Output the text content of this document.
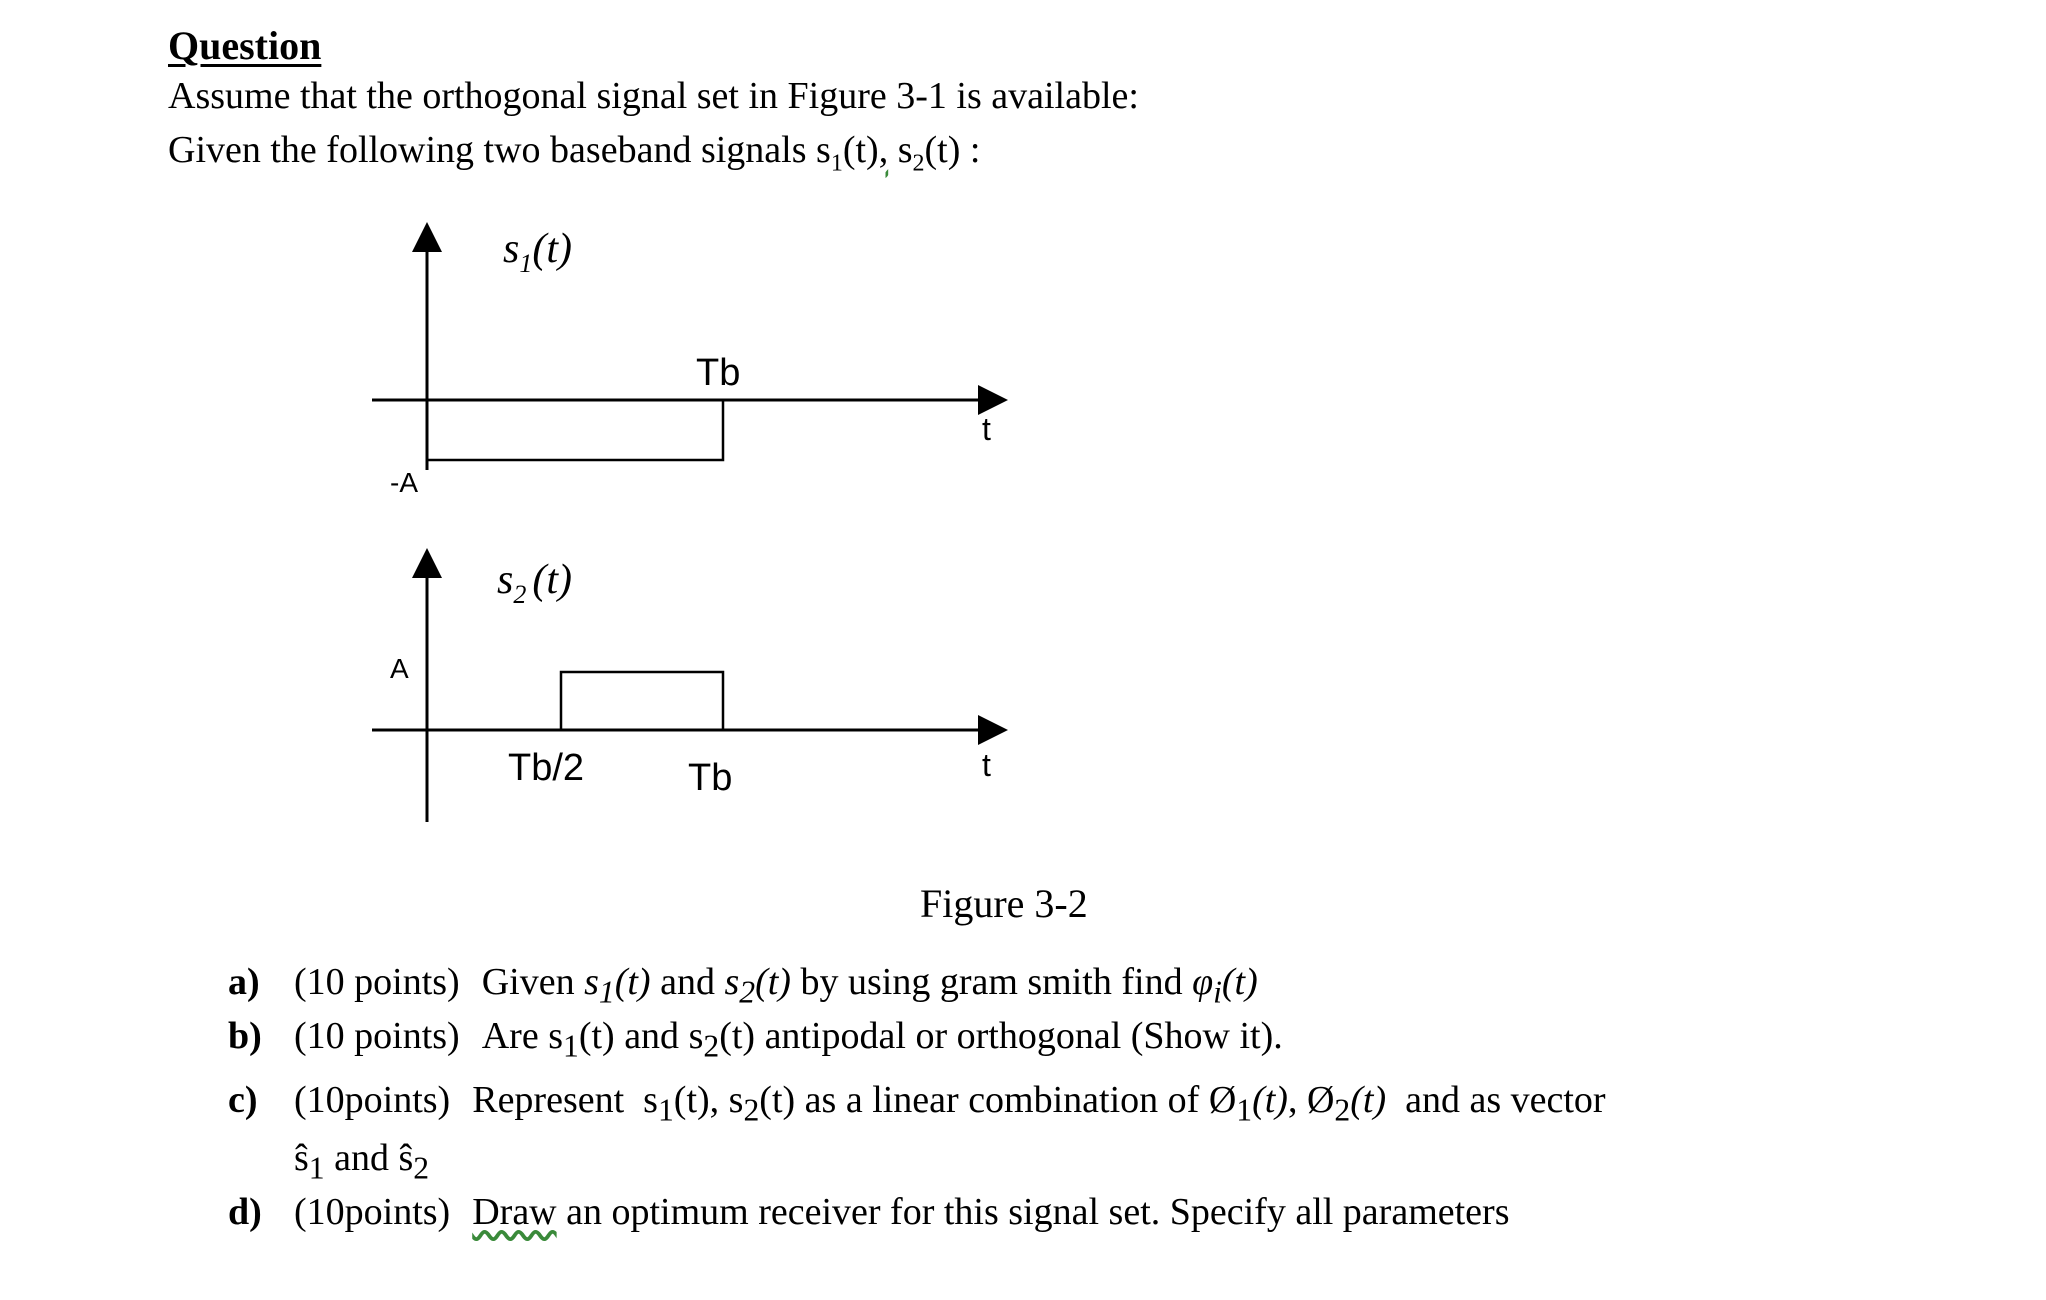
Question
Assume that the orthogonal signal set in Figure 3-1 is available:
Given the following two baseband signals $s_1(t)$, $s_2(t)$ :
$s_1(t)$
Tb
t
-A
$s_2$ (t)
A
Tb/2	Tb	t
Figure 3-2
a) (10 points) Given $s_1(t)$ and $s_2(t)$ by using gram smith find $\varphi_i(t)$
b) (10 points) Are $s_1(t)$ and $s_2(t)$ antipodal or orthogonal (Show it).
c) (10points) Represent $s_1(t)$, $s_2(t)$ as a linear combination of $Ø_1(t)$, $Ø_2(t)$ and as vector
$ŝ_1$ and $ŝ_2$
d) (10points) Draw an optimum receiver for this signal set. Specify all parameters
